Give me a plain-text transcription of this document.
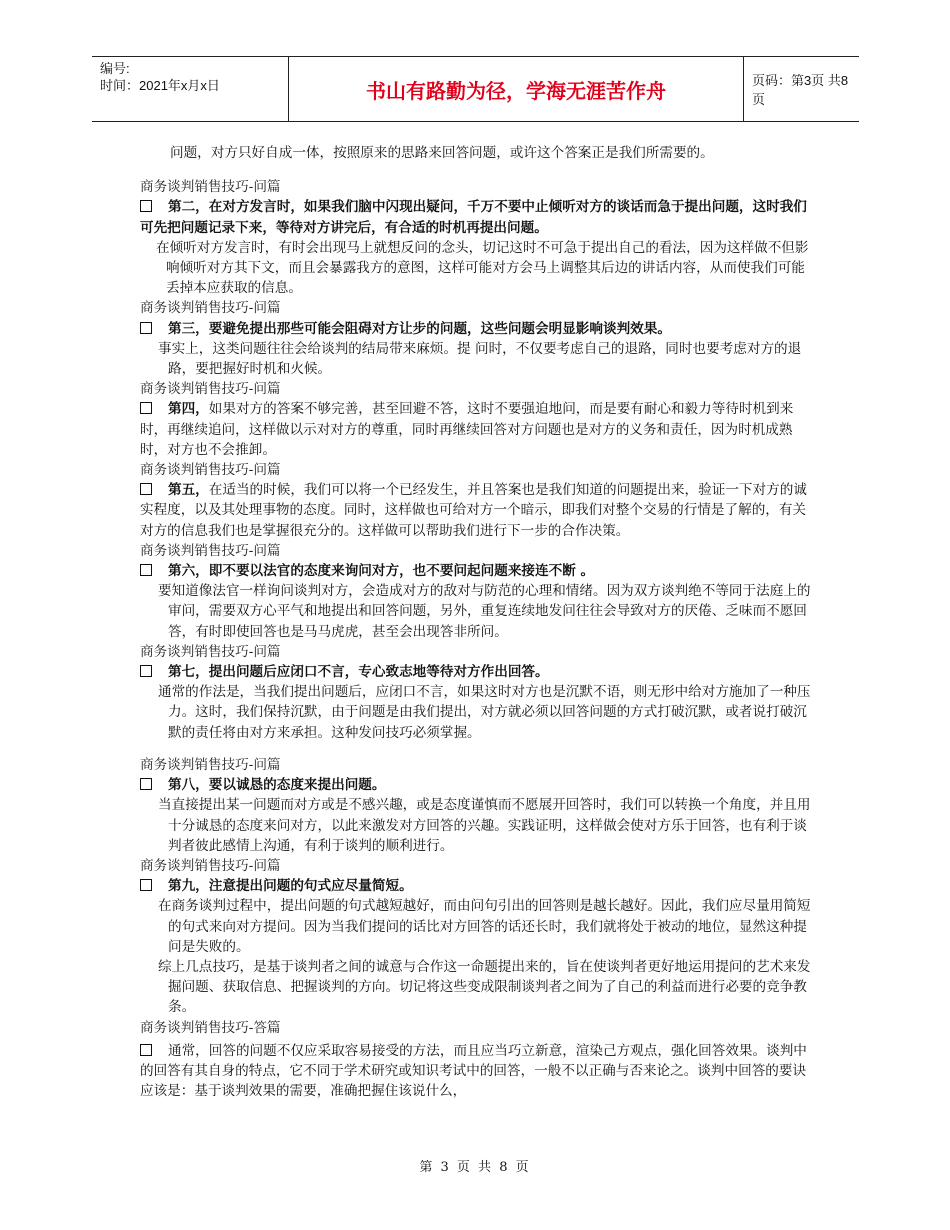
编号:
时间：2021年x月x日	书山有路勤为径，学海无涯苦作舟	页码：第3页 共8页

问题，对方只好自成一体，按照原来的思路来回答问题，或许这个答案正是我们所需要的。

商务谈判销售技巧-问篇

第二，在对方发言时，如果我们脑中闪现出疑问，千万不要中止倾听对方的谈话而急于提出问题，这时我们可先把问题记录下来，等待对方讲完后，有合适的时机再提出问题。

在倾听对方发言时，有时会出现马上就想反问的念头，切记这时不可急于提出自己的看法，因为这样做不但影响倾听对方其下文，而且会暴露我方的意图，这样可能对方会马上调整其后边的讲话内容，从而使我们可能丢掉本应获取的信息。

商务谈判销售技巧-问篇

第三，要避免提出那些可能会阻碍对方让步的问题，这些问题会明显影响谈判效果。

事实上，这类问题往往会给谈判的结局带来麻烦。提 问时，不仅要考虑自己的退路，同时也要考虑对方的退 路，要把握好时机和火候。

商务谈判销售技巧-问篇

第四，如果对方的答案不够完善，甚至回避不答，这时不要强迫地问，而是要有耐心和毅力等待时机到来时，再继续追问，这样做以示对对方的尊重，同时再继续回答对方问题也是对方的义务和责任，因为时机成熟时，对方也不会推卸。

商务谈判销售技巧-问篇

第五，在适当的时候，我们可以将一个已经发生，并且答案也是我们知道的问题提出来，验证一下对方的诚实程度，以及其处理事物的态度。同时，这样做也可给对方一个暗示，即我们对整个交易的行情是了解的，有关对方的信息我们也是掌握很充分的。这样做可以帮助我们进行下一步的合作决策。

商务谈判销售技巧-问篇

第六，即不要以法官的态度来询问对方，也不要问起问题来接连不断 。

要知道像法官一样询问谈判对方，会造成对方的敌对与防范的心理和情绪。因为双方谈判绝不等同于法庭上的审问，需要双方心平气和地提出和回答问题，另外，重复连续地发问往往会导致对方的厌倦、乏味而不愿回答，有时即使回答也是马马虎虎，甚至会出现答非所问。

商务谈判销售技巧-问篇

第七，提出问题后应闭口不言，专心致志地等待对方作出回答。

通常的作法是，当我们提出问题后，应闭口不言，如果这时对方也是沉默不语，则无形中给对方施加了一种压力。这时，我们保持沉默，由于问题是由我们提出，对方就必须以回答问题的方式打破沉默，或者说打破沉默的责任将由对方来承担。这种发问技巧必须掌握。

商务谈判销售技巧-问篇

第八，要以诚恳的态度来提出问题。

当直接提出某一问题而对方或是不感兴趣，或是态度谨慎而不愿展开回答时，我们可以转换一个角度，并且用十分诚恳的态度来问对方，以此来激发对方回答的兴趣。实践证明，这样做会使对方乐于回答，也有利于谈判者彼此感情上沟通，有利于谈判的顺利进行。

商务谈判销售技巧-问篇

第九，注意提出问题的句式应尽量简短。

在商务谈判过程中，提出问题的句式越短越好，而由问句引出的回答则是越长越好。因此，我们应尽量用简短的句式来向对方提问。因为当我们提问的话比对方回答的话还长时，我们就将处于被动的地位，显然这种提问是失败的。

综上几点技巧，是基于谈判者之间的诚意与合作这一命题提出来的，旨在使谈判者更好地运用提问的艺术来发掘问题、获取信息、把握谈判的方向。切记将这些变成限制谈判者之间为了自己的利益而进行必要的竞争教条。

商务谈判销售技巧-答篇

通常，回答的问题不仅应采取容易接受的方法，而且应当巧立新意，渲染己方观点，强化回答效果。谈判中的回答有其自身的特点，它不同于学术研究或知识考试中的回答，一般不以正确与否来论之。谈判中回答的要诀应该是：基于谈判效果的需要，准确把握住该说什么，

第 3 页 共 8 页
